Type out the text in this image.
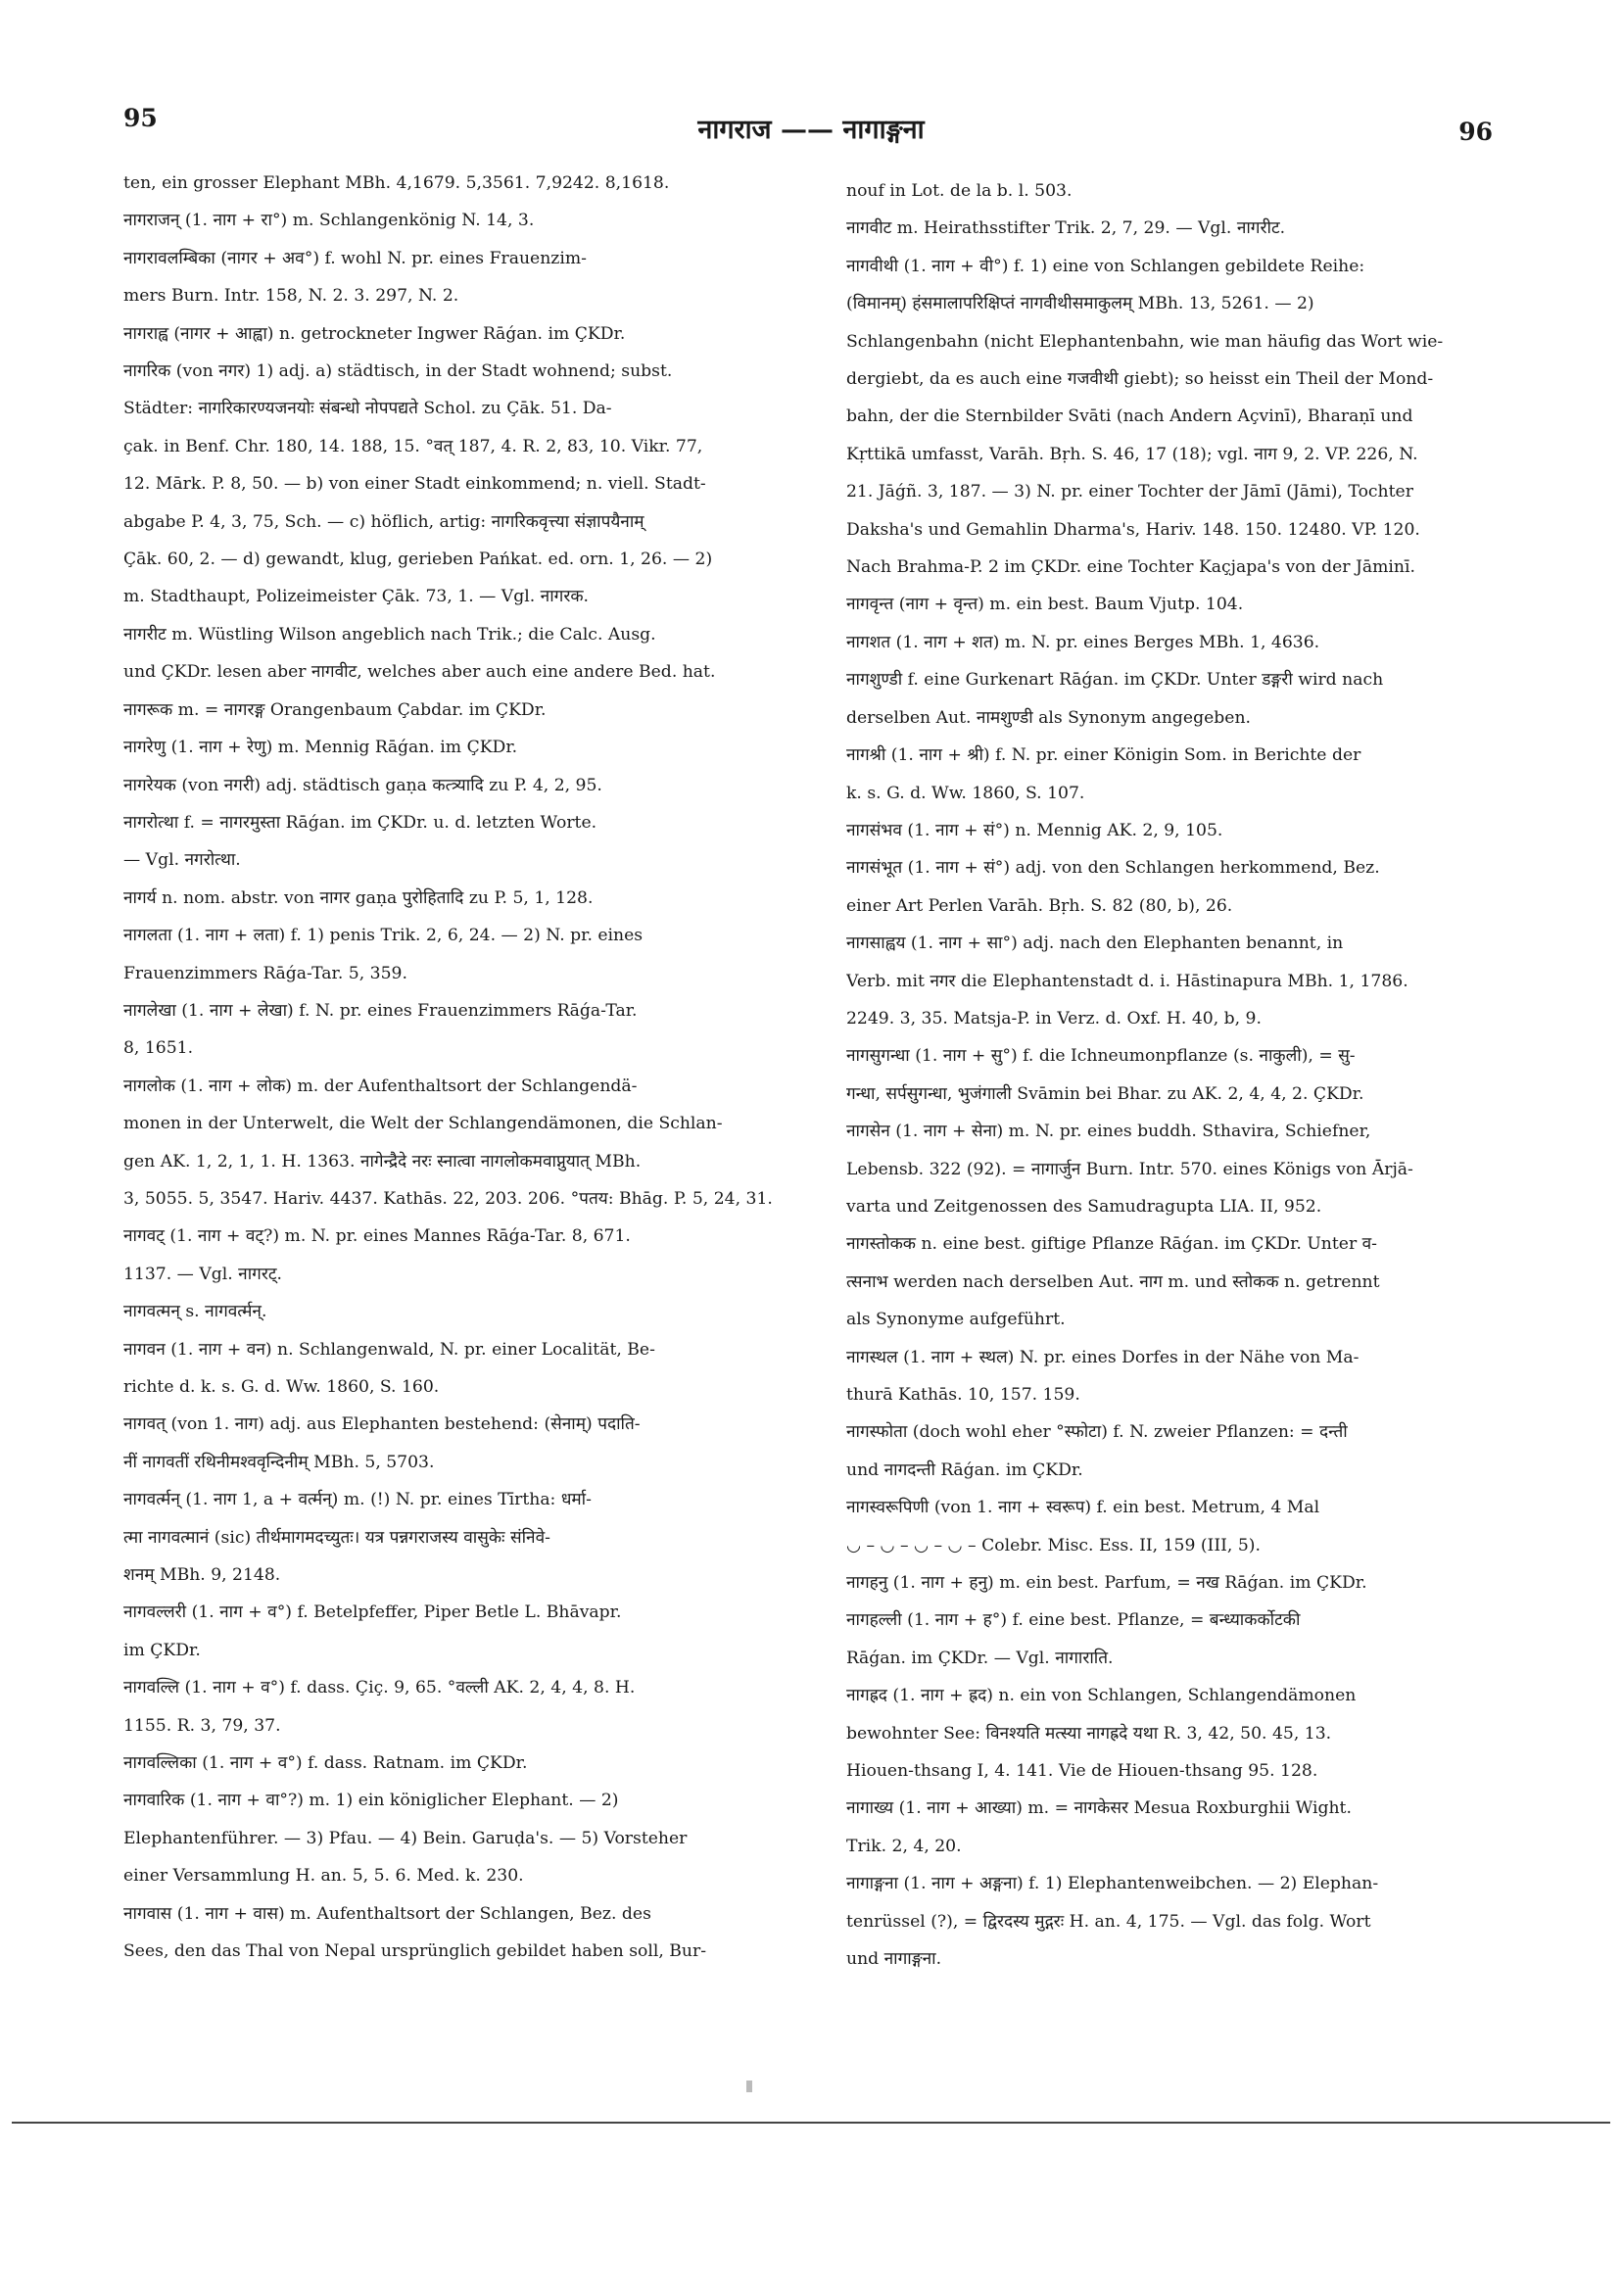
95	नागराज —— नागाङ्गना	96
ten, ein grosser Elephant MBh. 4,1679. 5,3561. 7,9242. 8,1618.
नागराजन् (1. नाग + रा°) m. Schlangenkönig N. 14, 3.
नागरावलम्बिका (नागर + अव°) f. wohl N. pr. eines Frauenzim-
mers Burn. Intr. 158, N. 2. 3. 297, N. 2.
नागराह्व (नागर + आह्वा) n. getrockneter Ingwer Rāǵan. im ÇKDr.
नागरिक (von नगर) 1) adj. a) städtisch, in der Stadt wohnend; subst.
Städter: नागरिकारण्यजनयोः संबन्धो नोपपद्यते Schol. zu Çāk. 51. Da-
çak. in Benf. Chr. 180, 14. 188, 15. °वत् 187, 4. R. 2, 83, 10. Vikr. 77,
12. Mārk. P. 8, 50. — b) von einer Stadt einkommend; n. viell. Stadt-
abgabe P. 4, 3, 75, Sch. — c) höflich, artig: नागरिकवृत्त्या संज्ञापयैनाम्
Çāk. 60, 2. — d) gewandt, klug, gerieben Pańkat. ed. orn. 1, 26. — 2)
m. Stadthaupt, Polizeimeister Çāk. 73, 1. — Vgl. नागरक.
नागरीट m. Wüstling Wilson angeblich nach Trik.; die Calc. Ausg.
und ÇKDr. lesen aber नागवीट, welches aber auch eine andere Bed. hat.
नागरूक m. = नागरङ्ग Orangenbaum Çabdar. im ÇKDr.
नागरेणु (1. नाग + रेणु) m. Mennig Rāǵan. im ÇKDr.
नागरेयक (von नगरी) adj. städtisch gaṇa कत्त्र्यादि zu P. 4, 2, 95.
नागरोत्था f. = नागरमुस्ता Rāǵan. im ÇKDr. u. d. letzten Worte.
— Vgl. नगरोत्था.
नागर्य n. nom. abstr. von नागर gaṇa पुरोहितादि zu P. 5, 1, 128.
नागलता (1. नाग + लता) f. 1) penis Trik. 2, 6, 24. — 2) N. pr. eines
Frauenzimmers Rāǵa-Tar. 5, 359.
नागलेखा (1. नाग + लेखा) f. N. pr. eines Frauenzimmers Rāǵa-Tar.
8, 1651.
नागलोक (1. नाग + लोक) m. der Aufenthaltsort der Schlangendä-
monen in der Unterwelt, die Welt der Schlangendämonen, die Schlan-
gen AK. 1, 2, 1, 1. H. 1363. नागेन्द्रैदे नरः स्नात्वा नागलोकमवाप्नुयात् MBh.
3, 5055. 5, 3547. Hariv. 4437. Kathās. 22, 203. 206. °पतय: Bhāg. P. 5, 24, 31.
नागवट् (1. नाग + वट्?) m. N. pr. eines Mannes Rāǵa-Tar. 8, 671.
1137. — Vgl. नागरट्.
नागवत्मन् s. नागवर्त्मन्.
नागवन (1. नाग + वन) n. Schlangenwald, N. pr. einer Localität, Be-
richte d. k. s. G. d. Ww. 1860, S. 160.
नागवत् (von 1. नाग) adj. aus Elephanten bestehend: (सेनाम्) पदाति-
नीं नागवतीं रथिनीमश्ववृन्दिनीम् MBh. 5, 5703.
नागवर्त्मन् (1. नाग 1, a + वर्त्मन्) m. (!) N. pr. eines Tīrtha: धर्मा-
त्मा नागवत्मानं (sic) तीर्थमागमदच्युतः। यत्र पन्नगराजस्य वासुकेः संनिवे-
शनम् MBh. 9, 2148.
नागवल्लरी (1. नाग + व°) f. Betelpfeffer, Piper Betle L. Bhāvapr.
im ÇKDr.
नागवल्लि (1. नाग + व°) f. dass. Çiç. 9, 65. °वल्ली AK. 2, 4, 4, 8. H.
1155. R. 3, 79, 37.
नागवल्लिका (1. नाग + व°) f. dass. Ratnam. im ÇKDr.
नागवारिक (1. नाग + वा°?) m. 1) ein königlicher Elephant. — 2)
Elephantenführer. — 3) Pfau. — 4) Bein. Garuḍa's. — 5) Vorsteher
einer Versammlung H. an. 5, 5. 6. Med. k. 230.
नागवास (1. नाग + वास) m. Aufenthaltsort der Schlangen, Bez. des
Sees, den das Thal von Nepal ursprünglich gebildet haben soll, Bur-
nouf in Lot. de la b. l. 503.
नागवीट m. Heirathsstifter Trik. 2, 7, 29. — Vgl. नागरीट.
नागवीथी (1. नाग + वी°) f. 1) eine von Schlangen gebildete Reihe:
(विमानम्) हंसमालापरिक्षिप्तं नागवीथीसमाकुलम् MBh. 13, 5261. — 2)
Schlangenbahn (nicht Elephantenbahn, wie man häufig das Wort wie-
dergiebt, da es auch eine गजवीथी giebt); so heisst ein Theil der Mond-
bahn, der die Sternbilder Svāti (nach Andern Açvinī), Bharaṇī und
Kṛttikā umfasst, Varāh. Bṛh. S. 46, 17 (18); vgl. नाग 9, 2. VP. 226, N.
21. Jāǵñ. 3, 187. — 3) N. pr. einer Tochter der Jāmī (Jāmi), Tochter
Daksha's und Gemahlin Dharma's, Hariv. 148. 150. 12480. VP. 120.
Nach Brahma-P. 2 im ÇKDr. eine Tochter Kaçjapa's von der Jāminī.
नागवृन्त (नाग + वृन्त) m. ein best. Baum Vjutp. 104.
नागशत (1. नाग + शत) m. N. pr. eines Berges MBh. 1, 4636.
नागशुण्डी f. eine Gurkenart Rāǵan. im ÇKDr. Unter डङ्गरी wird nach
derselben Aut. नामशुण्डी als Synonym angegeben.
नागश्री (1. नाग + श्री) f. N. pr. einer Königin Som. in Berichte der
k. s. G. d. Ww. 1860, S. 107.
नागसंभव (1. नाग + सं°) n. Mennig AK. 2, 9, 105.
नागसंभूत (1. नाग + सं°) adj. von den Schlangen herkommend, Bez.
einer Art Perlen Varāh. Bṛh. S. 82 (80, b), 26.
नागसाह्वय (1. नाग + सा°) adj. nach den Elephanten benannt, in
Verb. mit नगर die Elephantenstadt d. i. Hāstinapura MBh. 1, 1786.
2249. 3, 35. Matsja-P. in Verz. d. Oxf. H. 40, b, 9.
नागसुगन्धा (1. नाग + सु°) f. die Ichneumonpflanze (s. नाकुली), = सु-
गन्धा, सर्पसुगन्धा, भुजंगाली Svāmin bei Bhar. zu AK. 2, 4, 4, 2. ÇKDr.
नागसेन (1. नाग + सेना) m. N. pr. eines buddh. Sthavira, Schiefner,
Lebensb. 322 (92). = नागार्जुन Burn. Intr. 570. eines Königs von Ārjā-
varta und Zeitgenossen des Samudragupta LIA. II, 952.
नागस्तोकक n. eine best. giftige Pflanze Rāǵan. im ÇKDr. Unter व-
त्सनाभ werden nach derselben Aut. नाग m. und स्तोकक n. getrennt
als Synonyme aufgeführt.
नागस्थल (1. नाग + स्थल) N. pr. eines Dorfes in der Nähe von Ma-
thurā Kathās. 10, 157. 159.
नागस्फोता (doch wohl eher °स्फोटा) f. N. zweier Pflanzen: = दन्ती
und नागदन्ती Rāǵan. im ÇKDr.
नागस्वरूपिणी (von 1. नाग + स्वरूप) f. ein best. Metrum, 4 Mal
◡ – ◡ – ◡ – ◡ – Colebr. Misc. Ess. II, 159 (III, 5).
नागहनु (1. नाग + हनु) m. ein best. Parfum, = नख Rāǵan. im ÇKDr.
नागहल्ली (1. नाग + ह°) f. eine best. Pflanze, = बन्ध्याकर्कोटकी
Rāǵan. im ÇKDr. — Vgl. नागाराति.
नागह्रद (1. नाग + ह्रद) n. ein von Schlangen, Schlangendämonen
bewohnter See: विनश्यति मत्स्या नागह्रदे यथा R. 3, 42, 50. 45, 13.
Hiouen-thsang I, 4. 141. Vie de Hiouen-thsang 95. 128.
नागाख्य (1. नाग + आख्या) m. = नागकेसर Mesua Roxburghii Wight.
Trik. 2, 4, 20.
नागाङ्गना (1. नाग + अङ्गना) f. 1) Elephantenweibchen. — 2) Elephan-
tenrüssel (?), = द्विरदस्य मुद्गरः H. an. 4, 175. — Vgl. das folg. Wort
und नागाङ्गना.
